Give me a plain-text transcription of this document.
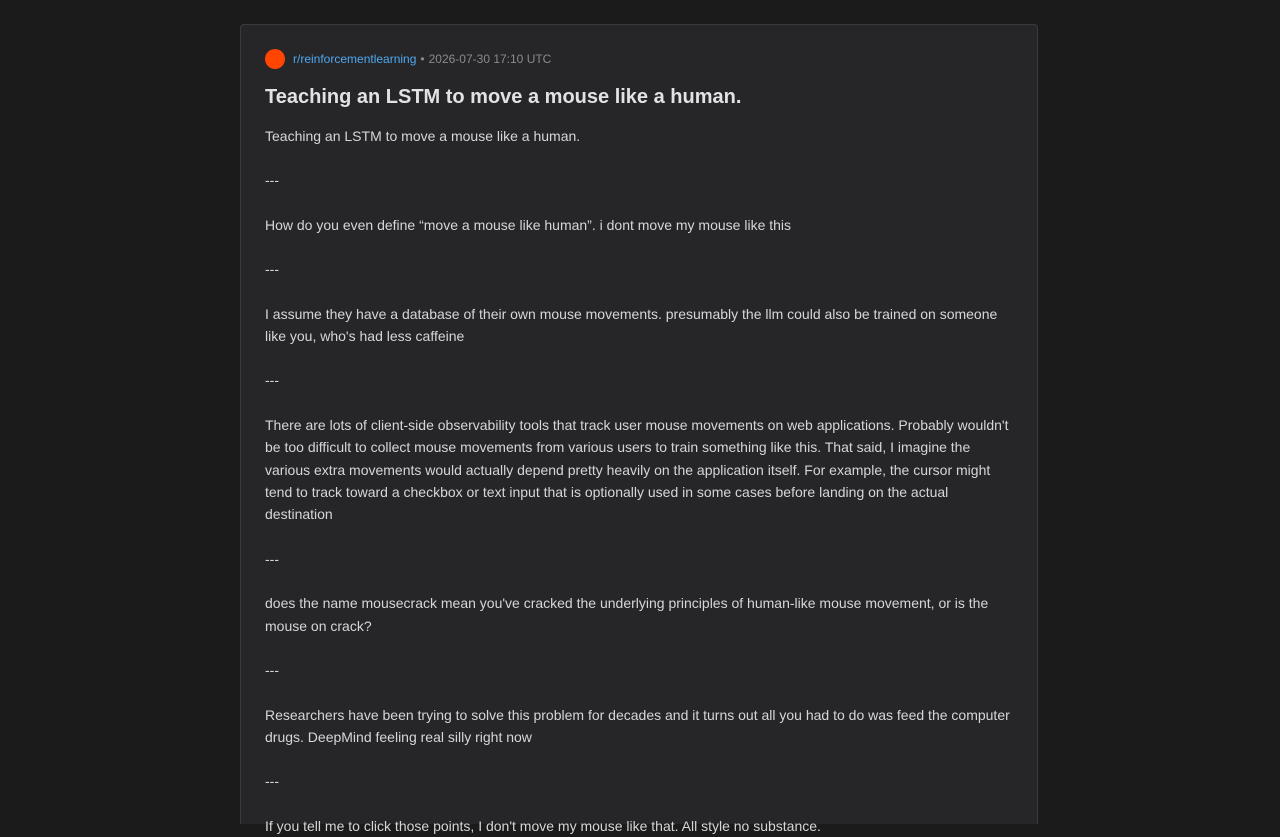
r/reinforcementlearning • 2026-07-30 17:10 UTC
Teaching an LSTM to move a mouse like a human.

Teaching an LSTM to move a mouse like a human.

---

How do you even define “move a mouse like human”. i dont move my mouse like this

---

I assume they have a database of their own mouse movements. presumably the llm could also be trained on someone like you, who's had less caffeine

---

There are lots of client-side observability tools that track user mouse movements on web applications. Probably wouldn't be too difficult to collect mouse movements from various users to train something like this. That said, I imagine the various extra movements would actually depend pretty heavily on the application itself. For example, the cursor might tend to track toward a checkbox or text input that is optionally used in some cases before landing on the actual destination

---

does the name mousecrack mean you've cracked the underlying principles of human-like mouse movement, or is the mouse on crack?

---

Researchers have been trying to solve this problem for decades and it turns out all you had to do was feed the computer drugs. DeepMind feeling real silly right now

---

If you tell me to click those points, I don't move my mouse like that. All style no substance.
